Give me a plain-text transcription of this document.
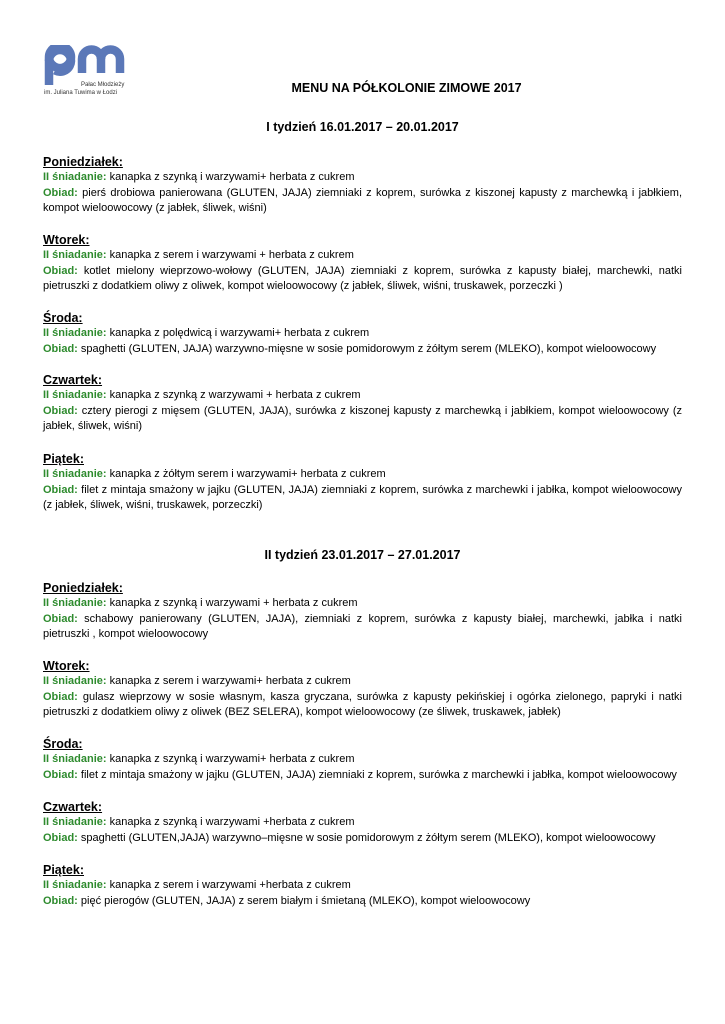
Pałac Młodzieży
im. Juliana Tuwima w Łodzi	MENU NA PÓŁKOLONIE ZIMOWE 2017
I tydzień 16.01.2017 – 20.01.2017
Poniedziałek:
II śniadanie: kanapka z szynką i warzywami+ herbata z cukrem
Obiad: pierś drobiowa panierowana (GLUTEN, JAJA) ziemniaki z koprem, surówka z kiszonej kapusty z marchewką i jabłkiem, kompot wieloowocowy (z jabłek, śliwek, wiśni)
Wtorek:
II śniadanie: kanapka z serem i warzywami + herbata z cukrem
Obiad: kotlet mielony wieprzowo-wołowy (GLUTEN, JAJA) ziemniaki z koprem, surówka z kapusty białej, marchewki, natki pietruszki z dodatkiem oliwy z oliwek, kompot wieloowocowy (z jabłek, śliwek, wiśni, truskawek, porzeczki )
Środa:
II śniadanie: kanapka z polędwicą i warzywami+ herbata z cukrem
Obiad: spaghetti (GLUTEN, JAJA) warzywno-mięsne w sosie pomidorowym z żółtym serem (MLEKO), kompot wieloowocowy
Czwartek:
II śniadanie: kanapka z szynką z warzywami + herbata z cukrem
Obiad: cztery pierogi z mięsem (GLUTEN, JAJA), surówka z kiszonej kapusty z marchewką i jabłkiem, kompot wieloowocowy (z jabłek, śliwek, wiśni)
Piątek:
II śniadanie: kanapka z żółtym serem i warzywami+ herbata z cukrem
Obiad: filet z mintaja smażony w jajku (GLUTEN, JAJA) ziemniaki z koprem, surówka z marchewki i jabłka, kompot wieloowocowy (z jabłek, śliwek, wiśni, truskawek, porzeczki)
II tydzień 23.01.2017 – 27.01.2017
Poniedziałek:
II śniadanie: kanapka z szynką i warzywami + herbata z cukrem
Obiad: schabowy panierowany (GLUTEN, JAJA), ziemniaki z koprem, surówka z kapusty białej, marchewki, jabłka i natki pietruszki , kompot wieloowocowy
Wtorek:
II śniadanie: kanapka z serem i warzywami+ herbata z cukrem
Obiad: gulasz wieprzowy w sosie własnym, kasza gryczana, surówka z kapusty pekińskiej i ogórka zielonego, papryki i natki pietruszki z dodatkiem oliwy z oliwek (BEZ SELERA), kompot wieloowocowy (ze śliwek, truskawek, jabłek)
Środa:
II śniadanie: kanapka z szynką i warzywami+ herbata z cukrem
Obiad: filet z mintaja smażony w jajku (GLUTEN, JAJA) ziemniaki z koprem, surówka z marchewki i jabłka, kompot wieloowocowy
Czwartek:
II śniadanie: kanapka z szynką i warzywami +herbata z cukrem
Obiad: spaghetti (GLUTEN,JAJA) warzywno–mięsne w sosie pomidorowym z żółtym serem (MLEKO), kompot wieloowocowy
Piątek:
II śniadanie: kanapka z serem i warzywami +herbata z cukrem
Obiad: pięć pierogów (GLUTEN, JAJA) z serem białym i śmietaną (MLEKO), kompot wieloowocowy
